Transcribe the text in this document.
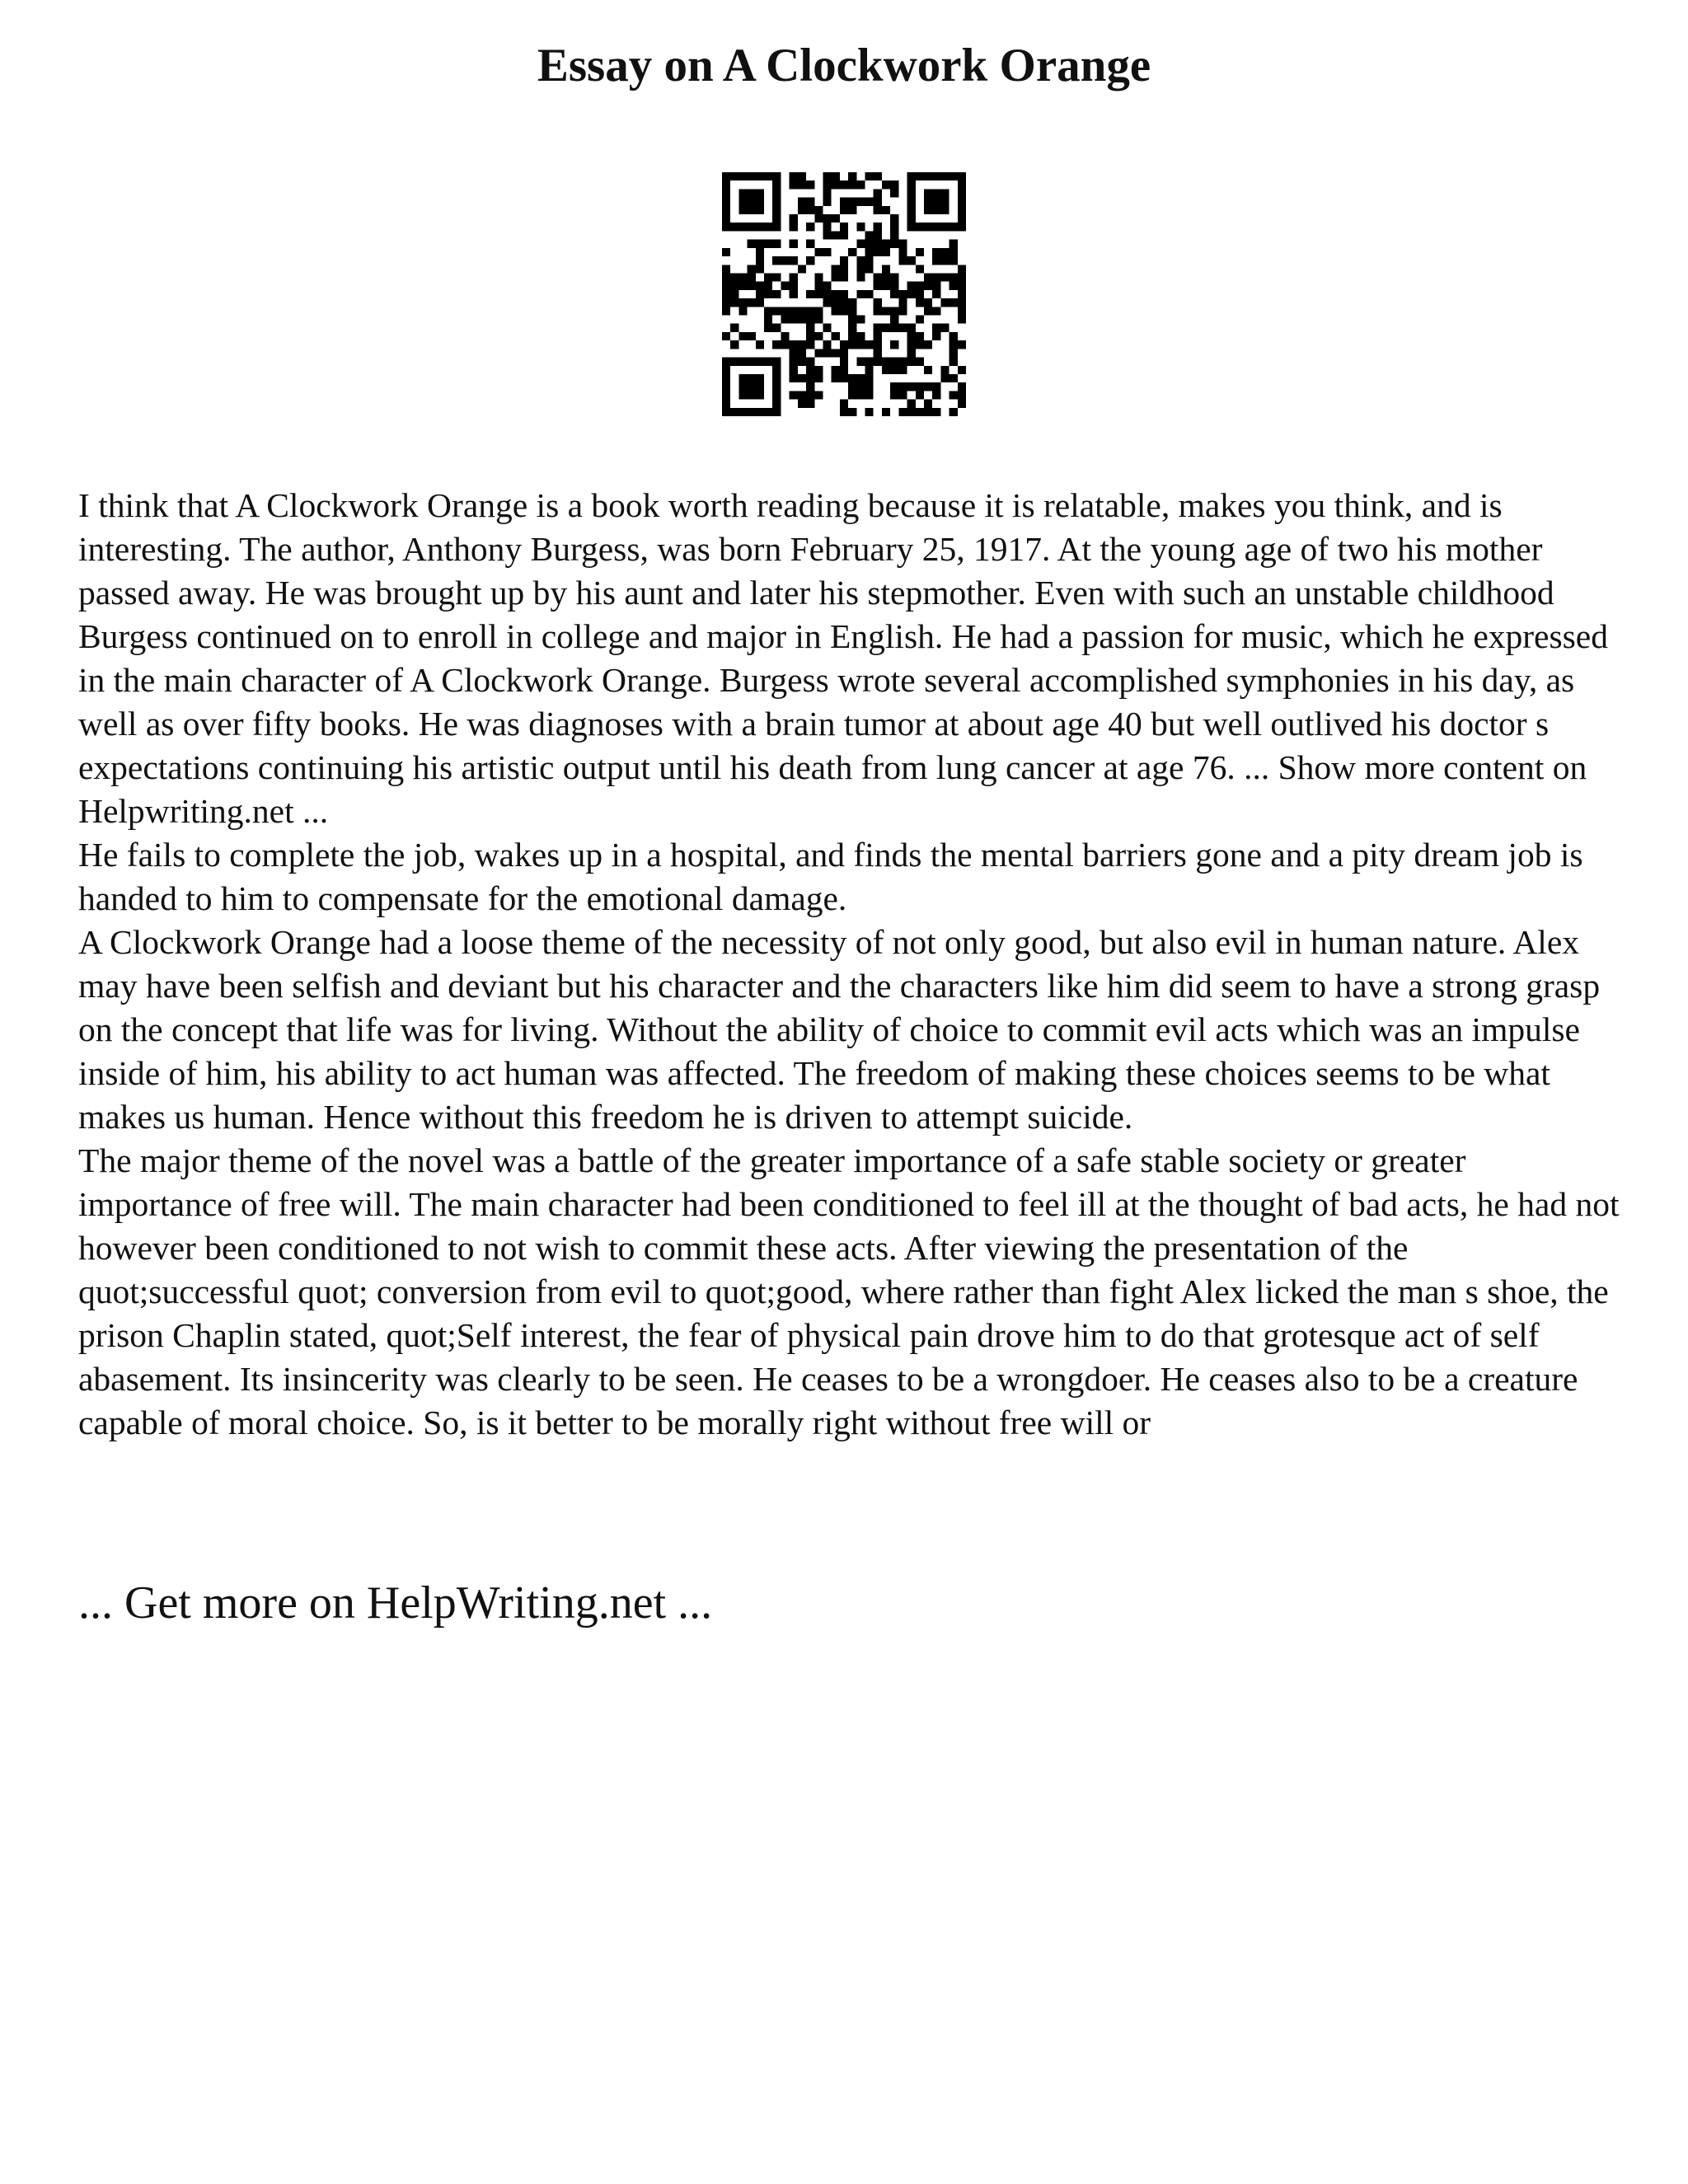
Essay on A Clockwork Orange

I think that A Clockwork Orange is a book worth reading because it is relatable, makes you think, and is interesting. The author, Anthony Burgess, was born February 25, 1917. At the young age of two his mother passed away. He was brought up by his aunt and later his stepmother. Even with such an unstable childhood Burgess continued on to enroll in college and major in English. He had a passion for music, which he expressed in the main character of A Clockwork Orange. Burgess wrote several accomplished symphonies in his day, as well as over fifty books. He was diagnoses with a brain tumor at about age 40 but well outlived his doctor s expectations continuing his artistic output until his death from lung cancer at age 76. ... Show more content on Helpwriting.net ...

He fails to complete the job, wakes up in a hospital, and finds the mental barriers gone and a pity dream job is handed to him to compensate for the emotional damage.

A Clockwork Orange had a loose theme of the necessity of not only good, but also evil in human nature. Alex may have been selfish and deviant but his character and the characters like him did seem to have a strong grasp on the concept that life was for living. Without the ability of choice to commit evil acts which was an impulse inside of him, his ability to act human was affected. The freedom of making these choices seems to be what makes us human. Hence without this freedom he is driven to attempt suicide.

The major theme of the novel was a battle of the greater importance of a safe stable society or greater importance of free will. The main character had been conditioned to feel ill at the thought of bad acts, he had not however been conditioned to not wish to commit these acts. After viewing the presentation of the quot;successful quot; conversion from evil to quot;good, where rather than fight Alex licked the man s shoe, the prison Chaplin stated, quot;Self interest, the fear of physical pain drove him to do that grotesque act of self abasement. Its insincerity was clearly to be seen. He ceases to be a wrongdoer. He ceases also to be a creature capable of moral choice. So, is it better to be morally right without free will or

... Get more on HelpWriting.net ...
